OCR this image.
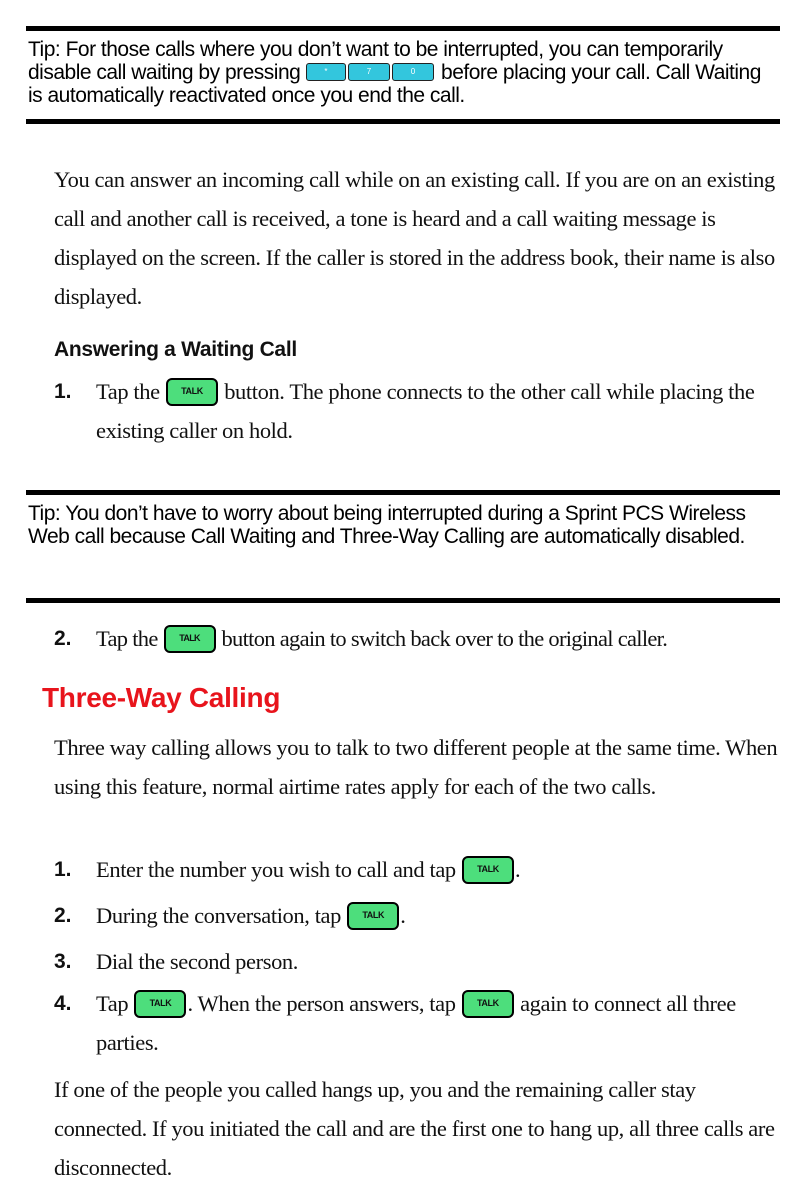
Tip: For those calls where you don’t want to be interrupted, you can temporarily disable call waiting by pressing	*	7	0 before placing your call. Call Waiting is automatically reactivated once you end the call.
You can answer an incoming call while on an existing call. If you are on an existing call and another call is received, a tone is heard and a call waiting message is displayed on the screen. If the caller is stored in the address book, their name is also displayed.
Answering a Waiting Call
1. Tap the TALK button. The phone connects to the other call while placing the existing caller on hold.
Tip: You don’t have to worry about being interrupted during a Sprint PCS Wireless Web call because Call Waiting and Three-Way Calling are automatically disabled.
2. Tap the TALK button again to switch back over to the original caller.
Three-Way Calling
Three way calling allows you to talk to two different people at the same time. When using this feature, normal airtime rates apply for each of the two calls.
1. Enter the number you wish to call and tap TALK .
2. During the conversation, tap TALK .
3. Dial the second person.
4. Tap TALK . When the person answers, tap TALK again to connect all three parties.
If one of the people you called hangs up, you and the remaining caller stay connected. If you initiated the call and are the first one to hang up, all three calls are disconnected.
